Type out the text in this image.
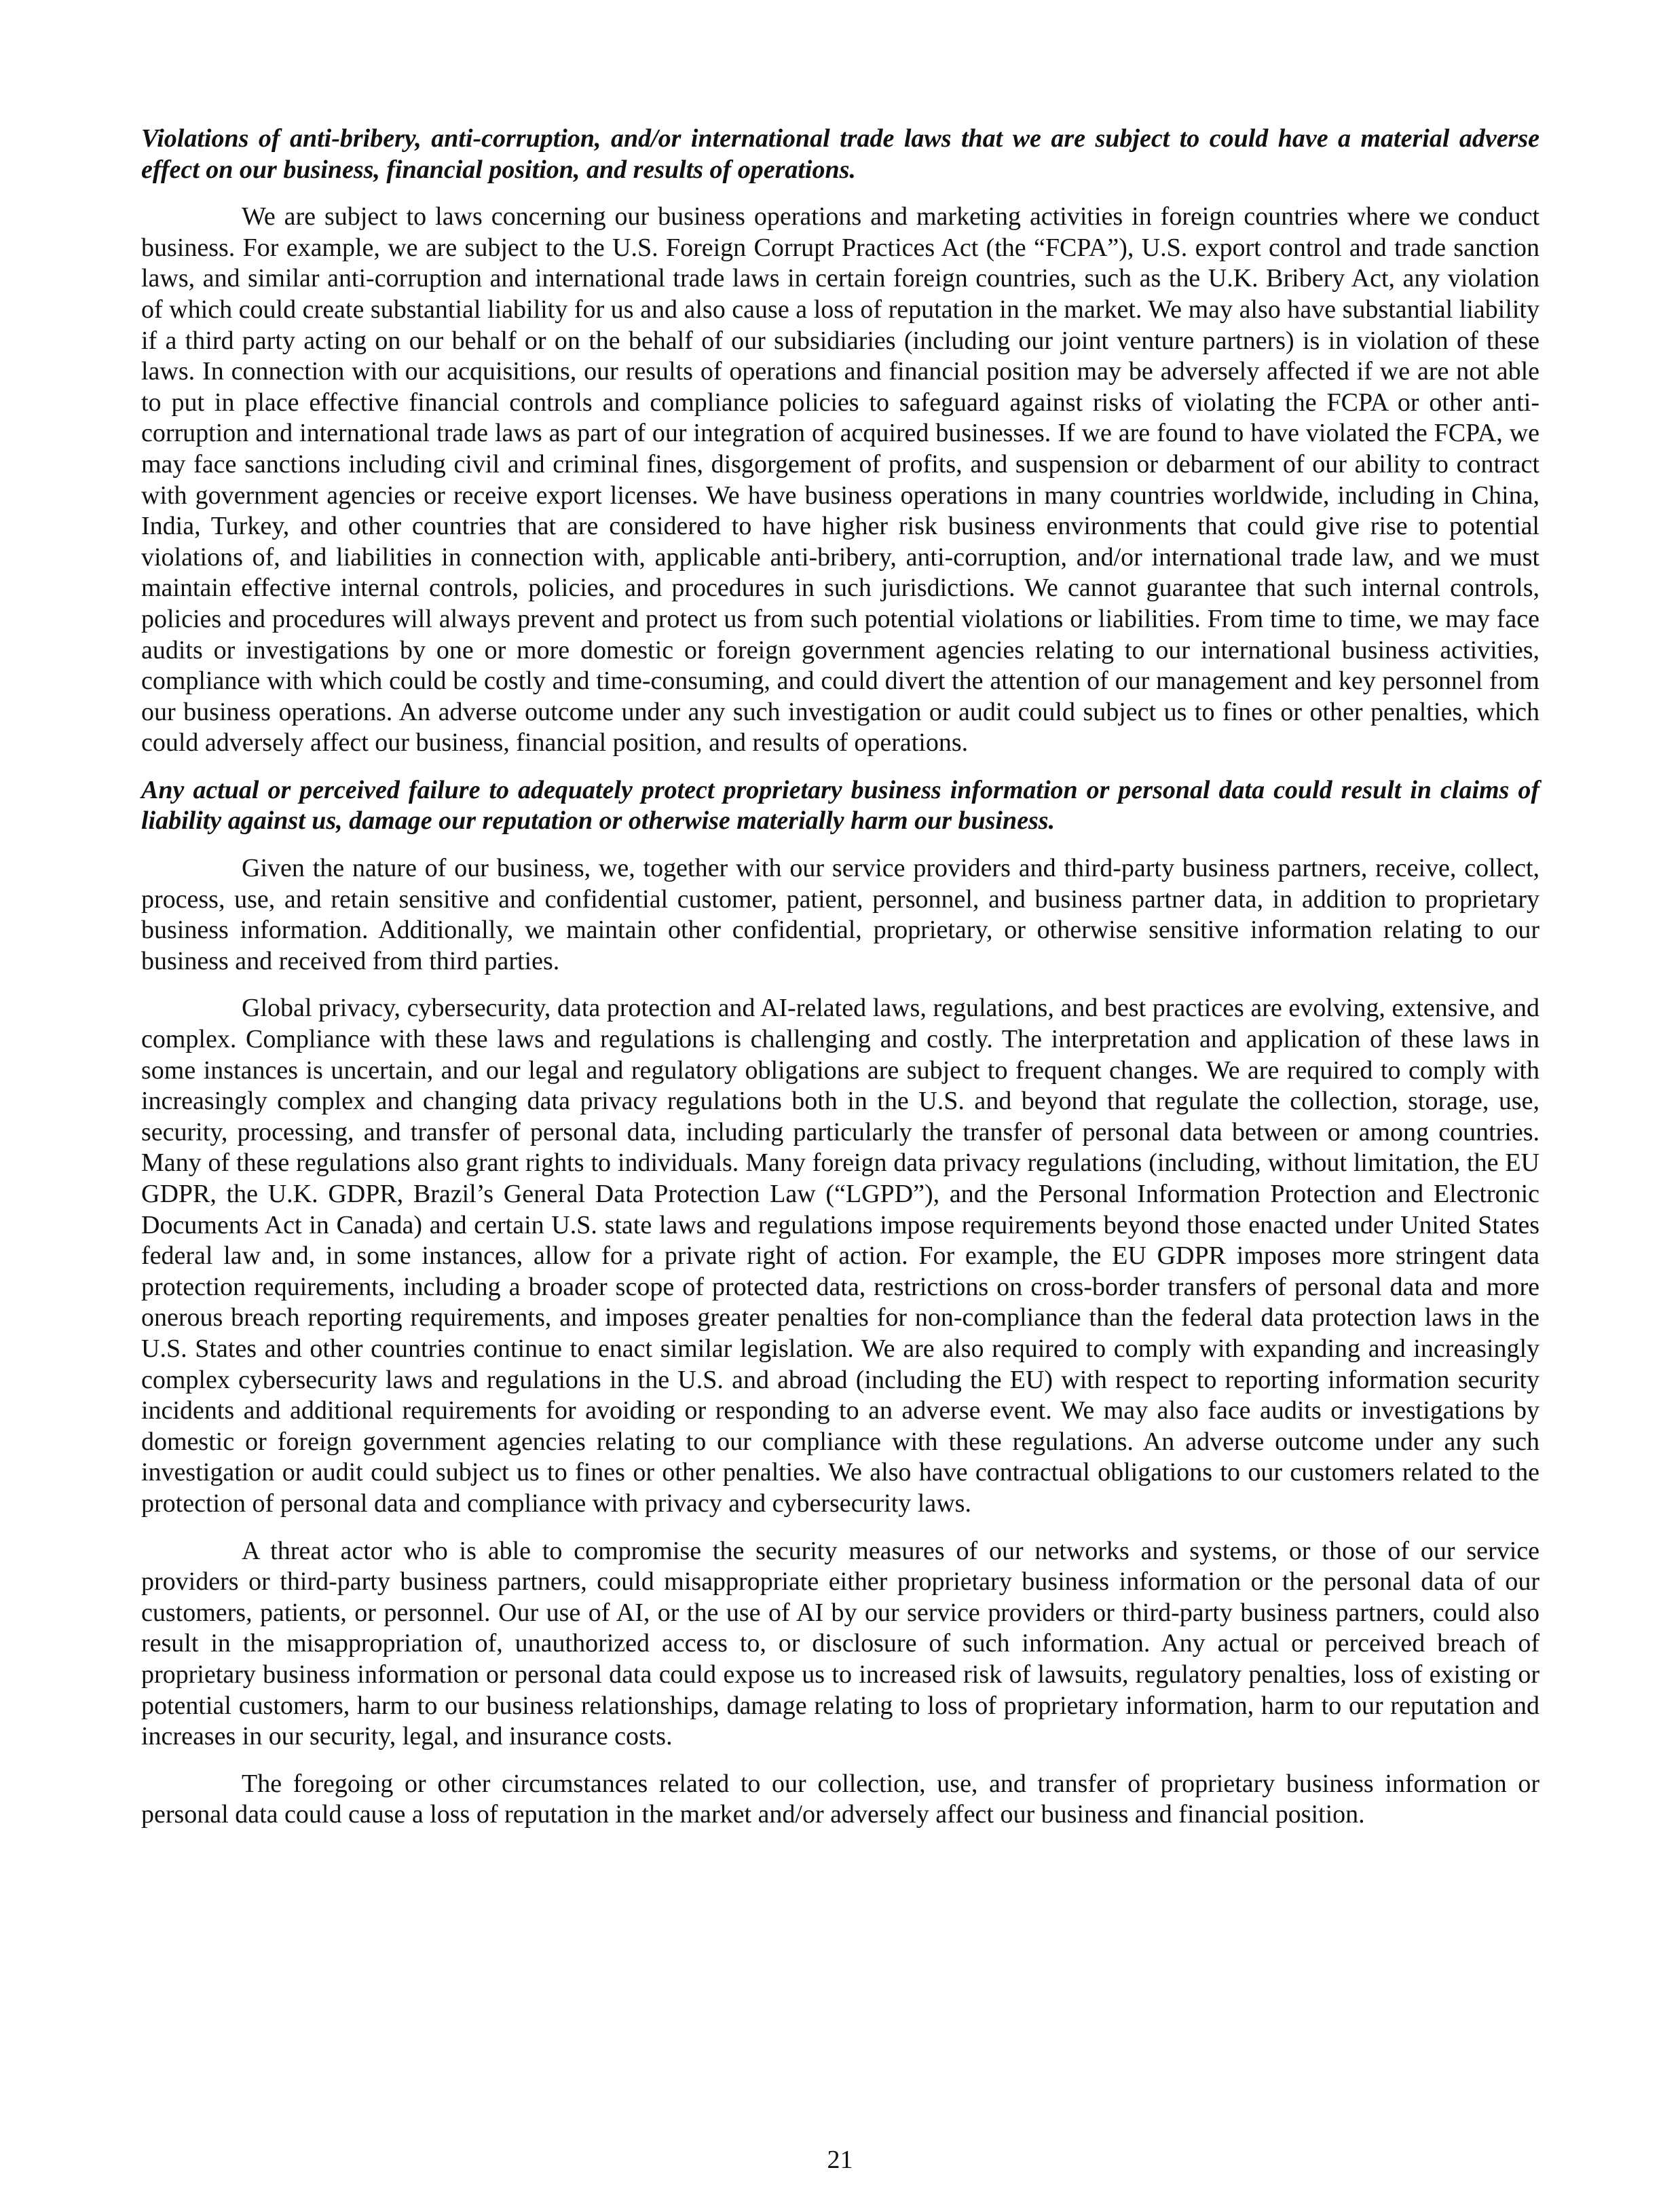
Violations of anti-bribery, anti-corruption, and/or international trade laws that we are subject to could have a material adverse effect on our business, financial position, and results of operations.

We are subject to laws concerning our business operations and marketing activities in foreign countries where we conduct business. For example, we are subject to the U.S. Foreign Corrupt Practices Act (the “FCPA”), U.S. export control and trade sanction laws, and similar anti-corruption and international trade laws in certain foreign countries, such as the U.K. Bribery Act, any violation of which could create substantial liability for us and also cause a loss of reputation in the market. We may also have substantial liability if a third party acting on our behalf or on the behalf of our subsidiaries (including our joint venture partners) is in violation of these laws. In connection with our acquisitions, our results of operations and financial position may be adversely affected if we are not able to put in place effective financial controls and compliance policies to safeguard against risks of violating the FCPA or other anti-corruption and international trade laws as part of our integration of acquired businesses. If we are found to have violated the FCPA, we may face sanctions including civil and criminal fines, disgorgement of profits, and suspension or debarment of our ability to contract with government agencies or receive export licenses. We have business operations in many countries worldwide, including in China, India, Turkey, and other countries that are considered to have higher risk business environments that could give rise to potential violations of, and liabilities in connection with, applicable anti-bribery, anti-corruption, and/or international trade law, and we must maintain effective internal controls, policies, and procedures in such jurisdictions. We cannot guarantee that such internal controls, policies and procedures will always prevent and protect us from such potential violations or liabilities. From time to time, we may face audits or investigations by one or more domestic or foreign government agencies relating to our international business activities, compliance with which could be costly and time-consuming, and could divert the attention of our management and key personnel from our business operations. An adverse outcome under any such investigation or audit could subject us to fines or other penalties, which could adversely affect our business, financial position, and results of operations.

Any actual or perceived failure to adequately protect proprietary business information or personal data could result in claims of liability against us, damage our reputation or otherwise materially harm our business.

Given the nature of our business, we, together with our service providers and third-party business partners, receive, collect, process, use, and retain sensitive and confidential customer, patient, personnel, and business partner data, in addition to proprietary business information. Additionally, we maintain other confidential, proprietary, or otherwise sensitive information relating to our business and received from third parties.

Global privacy, cybersecurity, data protection and AI-related laws, regulations, and best practices are evolving, extensive, and complex. Compliance with these laws and regulations is challenging and costly. The interpretation and application of these laws in some instances is uncertain, and our legal and regulatory obligations are subject to frequent changes. We are required to comply with increasingly complex and changing data privacy regulations both in the U.S. and beyond that regulate the collection, storage, use, security, processing, and transfer of personal data, including particularly the transfer of personal data between or among countries. Many of these regulations also grant rights to individuals. Many foreign data privacy regulations (including, without limitation, the EU GDPR, the U.K. GDPR, Brazil’s General Data Protection Law (“LGPD”), and the Personal Information Protection and Electronic Documents Act in Canada) and certain U.S. state laws and regulations impose requirements beyond those enacted under United States federal law and, in some instances, allow for a private right of action. For example, the EU GDPR imposes more stringent data protection requirements, including a broader scope of protected data, restrictions on cross-border transfers of personal data and more onerous breach reporting requirements, and imposes greater penalties for non-compliance than the federal data protection laws in the U.S. States and other countries continue to enact similar legislation. We are also required to comply with expanding and increasingly complex cybersecurity laws and regulations in the U.S. and abroad (including the EU) with respect to reporting information security incidents and additional requirements for avoiding or responding to an adverse event. We may also face audits or investigations by domestic or foreign government agencies relating to our compliance with these regulations. An adverse outcome under any such investigation or audit could subject us to fines or other penalties. We also have contractual obligations to our customers related to the protection of personal data and compliance with privacy and cybersecurity laws.

A threat actor who is able to compromise the security measures of our networks and systems, or those of our service providers or third-party business partners, could misappropriate either proprietary business information or the personal data of our customers, patients, or personnel. Our use of AI, or the use of AI by our service providers or third-party business partners, could also result in the misappropriation of, unauthorized access to, or disclosure of such information. Any actual or perceived breach of proprietary business information or personal data could expose us to increased risk of lawsuits, regulatory penalties, loss of existing or potential customers, harm to our business relationships, damage relating to loss of proprietary information, harm to our reputation and increases in our security, legal, and insurance costs.

The foregoing or other circumstances related to our collection, use, and transfer of proprietary business information or personal data could cause a loss of reputation in the market and/or adversely affect our business and financial position.

21
